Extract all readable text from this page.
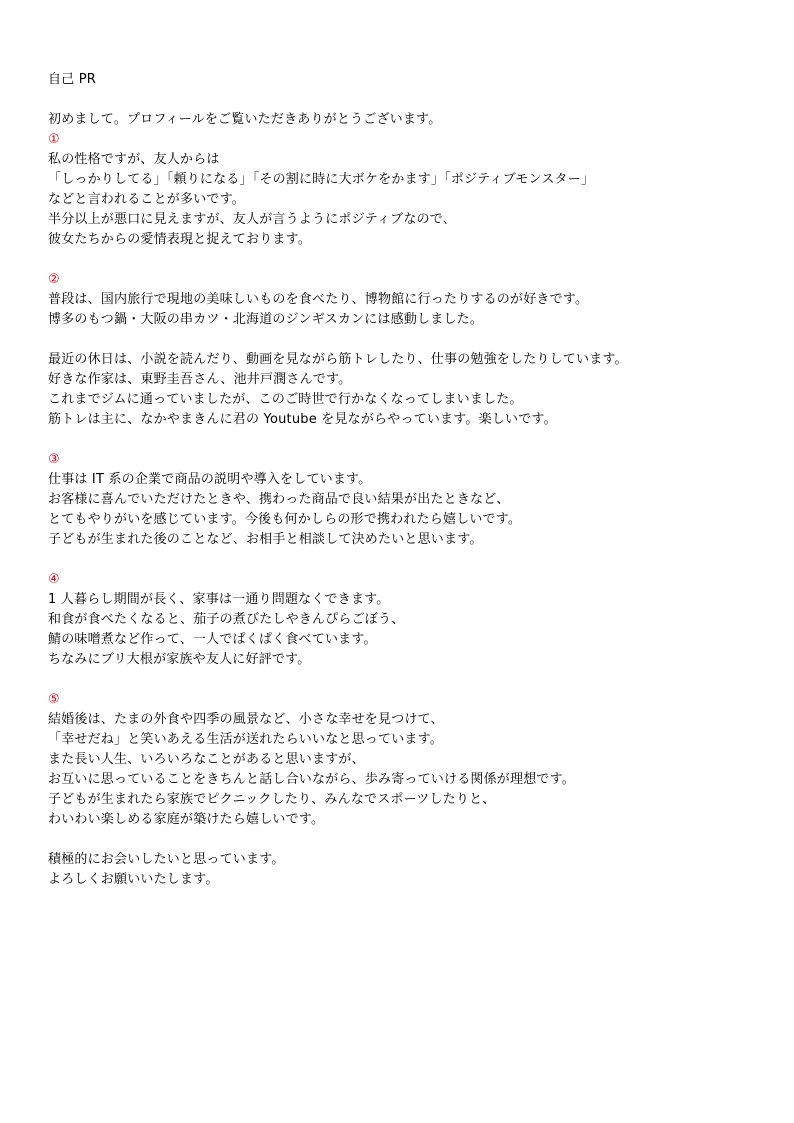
自己 PR
初めまして。プロフィールをご覧いただきありがとうございます。
①
私の性格ですが、友人からは
「しっかりしてる」「頼りになる」「その割に時に大ボケをかます」「ポジティブモンスター」
などと言われることが多いです。
半分以上が悪口に見えますが、友人が言うようにポジティブなので、
彼女たちからの愛情表現と捉えております。
②
普段は、国内旅行で現地の美味しいものを食べたり、博物館に行ったりするのが好きです。
博多のもつ鍋・大阪の串カツ・北海道のジンギスカンには感動しました。
最近の休日は、小説を読んだり、動画を見ながら筋トレしたり、仕事の勉強をしたりしています。
好きな作家は、東野圭吾さん、池井戸潤さんです。
これまでジムに通っていましたが、このご時世で行かなくなってしまいました。
筋トレは主に、なかやまきんに君の Youtube を見ながらやっています。楽しいです。
③
仕事は IT 系の企業で商品の説明や導入をしています。
お客様に喜んでいただけたときや、携わった商品で良い結果が出たときなど、
とてもやりがいを感じています。今後も何かしらの形で携われたら嬉しいです。
子どもが生まれた後のことなど、お相手と相談して決めたいと思います。
④
1 人暮らし期間が長く、家事は一通り問題なくできます。
和食が食べたくなると、茄子の煮びたしやきんぴらごぼう、
鯖の味噌煮など作って、一人でぱくぱく食べています。
ちなみにブリ大根が家族や友人に好評です。
⑤
結婚後は、たまの外食や四季の風景など、小さな幸せを見つけて、
「幸せだね」と笑いあえる生活が送れたらいいなと思っています。
また長い人生、いろいろなことがあると思いますが、
お互いに思っていることをきちんと話し合いながら、歩み寄っていける関係が理想です。
子どもが生まれたら家族でピクニックしたり、みんなでスポーツしたりと、
わいわい楽しめる家庭が築けたら嬉しいです。
積極的にお会いしたいと思っています。
よろしくお願いいたします。
